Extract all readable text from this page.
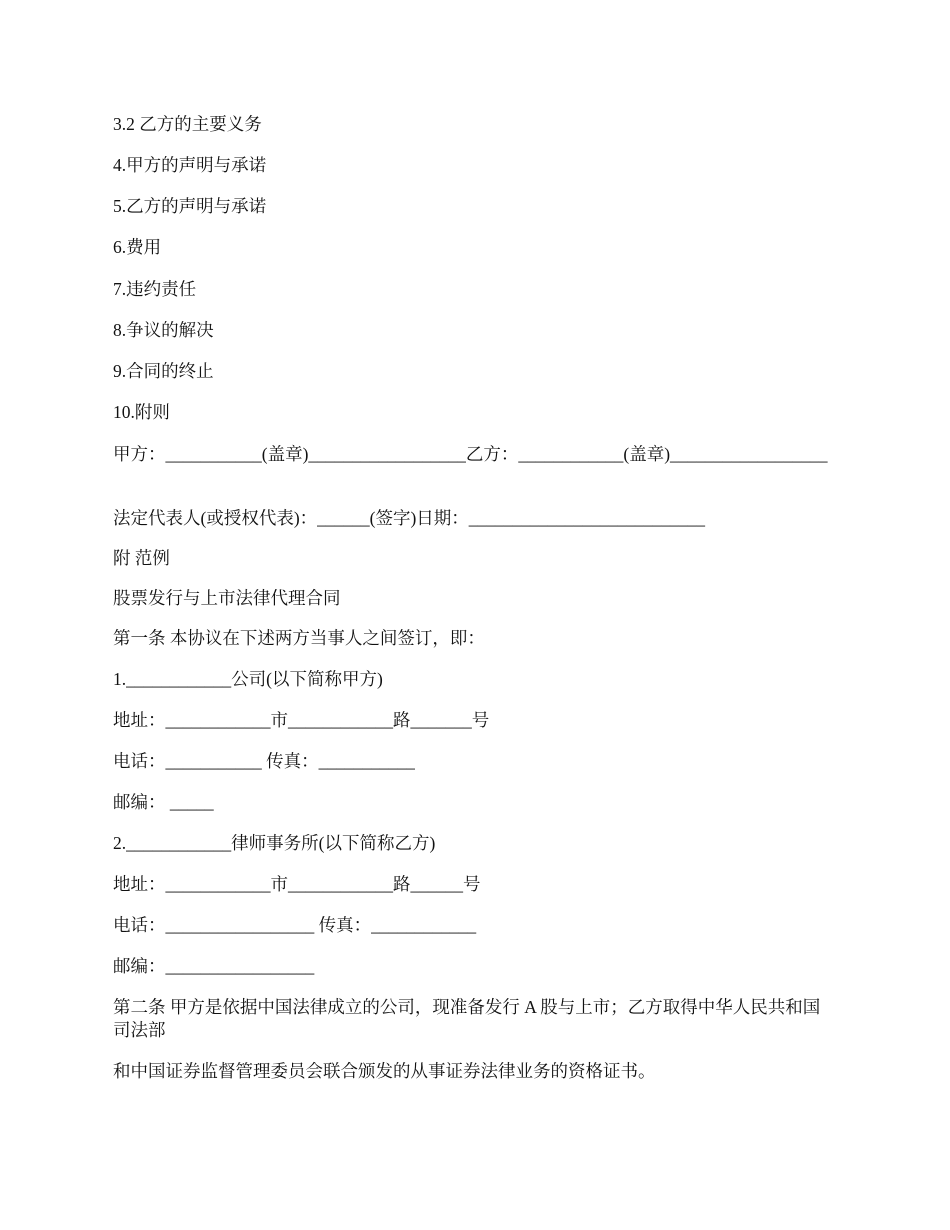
3.2 乙方的主要义务
4.甲方的声明与承诺
5.乙方的声明与承诺
6.费用
7.违约责任
8.争议的解决
9.合同的终止
10.附则
甲方：___________(盖章)__________________乙方：____________(盖章)__________________
法定代表人(或授权代表)：______(签字)日期：___________________________
附 范例
股票发行与上市法律代理合同
第一条 本协议在下述两方当事人之间签订，即：
1.____________公司(以下简称甲方)
地址：____________市____________路_______号
电话：___________ 传真：___________
邮编： _____
2.____________律师事务所(以下简称乙方)
地址：____________市____________路______号
电话：_________________ 传真：____________
邮编：_________________
第二条 甲方是依据中国法律成立的公司，现准备发行 A 股与上市；乙方取得中华人民共和国司法部
和中国证券监督管理委员会联合颁发的从事证券法律业务的资格证书。
